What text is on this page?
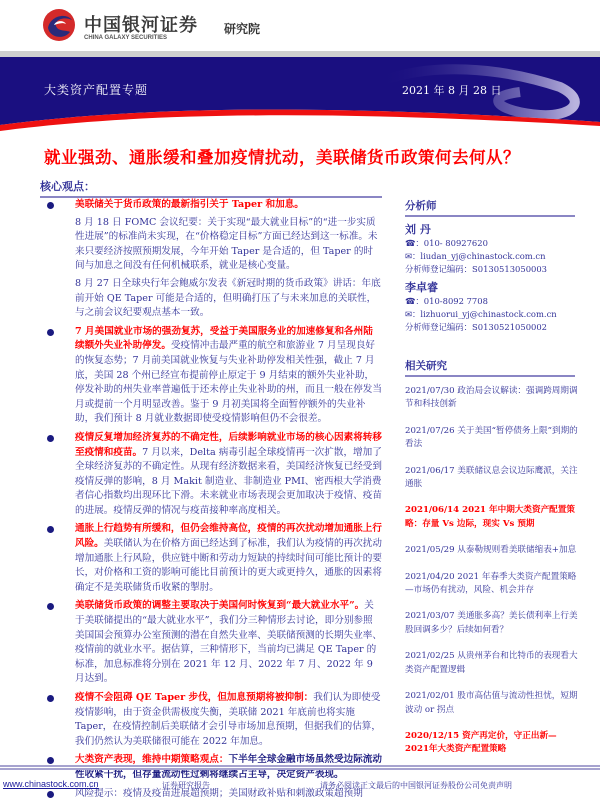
中国银河证券
CHINA GALAXY SECURITIES
研究院
大类资产配置专题	2021 年 8 月 28 日
就业强劲、通胀缓和叠加疫情扰动，美联储货币政策何去何从？
核心观点：
美联储关于货币政策的最新指引关于 Taper 和加息。
8 月 18 日 FOMC 会议纪要：关于实现“最大就业目标”的“进一步实质性进展”的标准尚未实现，在“价格稳定目标”方面已经达到这一标准。未来只要经济按照预期发展，今年开始 Taper 是合适的，但 Taper 的时间与加息之间没有任何机械联系，就业是核心变量。
8 月 27 日全球央行年会鲍威尔发表《新冠时期的货币政策》讲话：年底前开始 QE Taper 可能是合适的，但明确打压了与未来加息的关联性，与之前会议纪要观点基本一致。
7 月美国就业市场的强劲复苏，受益于美国服务业的加速修复和各州陆续额外失业补助停发。受疫情冲击最严重的航空和旅游业 7 月呈现良好的恢复态势；7 月前美国就业恢复与失业补助停发相关性强，截止 7 月底，美国 28 个州已经宣布提前停止原定于 9 月结束的额外失业补助，停发补助的州失业率普遍低于还未停止失业补助的州，而且一般在停发当月或提前一个月明显改善。鉴于 9 月初美国将全面暂停额外的失业补助，我们预计 8 月就业数据即使受疫情影响但仍不会很差。
疫情反复增加经济复苏的不确定性，后续影响就业市场的核心因素将转移至疫情和疫苗。7 月以来，Delta 病毒引起全球疫情再一次扩散，增加了全球经济复苏的不确定性。从现有经济数据来看，美国经济恢复已经受到疫情反弹的影响，8 月 Makit 制造业、非制造业 PMI、密西根大学消费者信心指数均出现环比下滑。未来就业市场表现会更加取决于疫情、疫苗的进展。疫情反弹的情况与疫苗接种率高度相关。
通胀上行趋势有所缓和，但仍会维持高位，疫情的再次扰动增加通胀上行风险。美联储认为在价格方面已经达到了标准，我们认为疫情的再次扰动增加通胀上行风险，供应链中断和劳动力短缺的持续时间可能比预计的要长，对价格和工资的影响可能比目前预计的更大或更持久，通胀的因素将确定不是美联储货币收紧的掣肘。
美联储货币政策的调整主要取决于美国何时恢复到“最大就业水平”。关于美联储提出的“最大就业水平”，我们分三种情形去讨论，即分别参照美国国会预算办公室预测的潜在自然失业率、美联储预测的长期失业率、疫情前的就业水平。据估算，三种情形下，当前均已满足 QE Taper 的标准，加息标准将分别在 2021 年 12 月、2022 年 7 月、2022 年 9 月达到。
疫情不会阻碍 QE Taper 步伐，但加息预期将被抑制：我们认为即使受疫情影响，由于资金供需极度失衡，美联储 2021 年底前也将实施 Taper，在疫情控制后美联储才会引导市场加息预期，但据我们的估算，我们仍然认为美联储很可能在 2022 年加息。
大类资产表现，维持中期策略观点：下半年全球金融市场虽然受边际流动性收紧干扰，但存量流动性过剩将继续占主导，决定资产表现。
风险提示：疫情及疫苗进展超预期；美国财政补贴和刺激政策超预期
分析师
刘 丹
☎：010- 80927620
✉：liudan_yj@chinastock.com.cn
分析师登记编码：S0130513050003
李卓睿
☎：010-8092 7708
✉：lizhuorui_yj@chinastock.com.cn
分析师登记编码：S0130521050002
相关研究
2021/07/30 政治局会议解读：强调跨周期调节和科技创新
2021/07/26 关于美国“暂停债务上限”到期的看法
2021/06/17 美联储议息会议边际鹰派，关注通胀
2021/06/14 2021 年中期大类资产配置策略：存量 Vs 边际，现实 Vs 预期
2021/05/29 从泰勒规则看美联储缩表+加息
2021/04/20 2021 年春季大类资产配置策略—市场仍有扰动，风险、机会并存
2021/03/07 美通胀多高？美长债利率上行美股回调多少？后续如何看？
2021/02/25 从贵州茅台和比特币的表现看大类资产配置逻辑
2021/02/01 股市高估值与流动性担忧，短期波动 or 拐点
2020/12/15 资产再定价，守正出新—2021年大类资产配置策略
www.chinastock.com.cn	证券研究报告	请务必阅读正文最后的中国银河证券股份公司免责声明
